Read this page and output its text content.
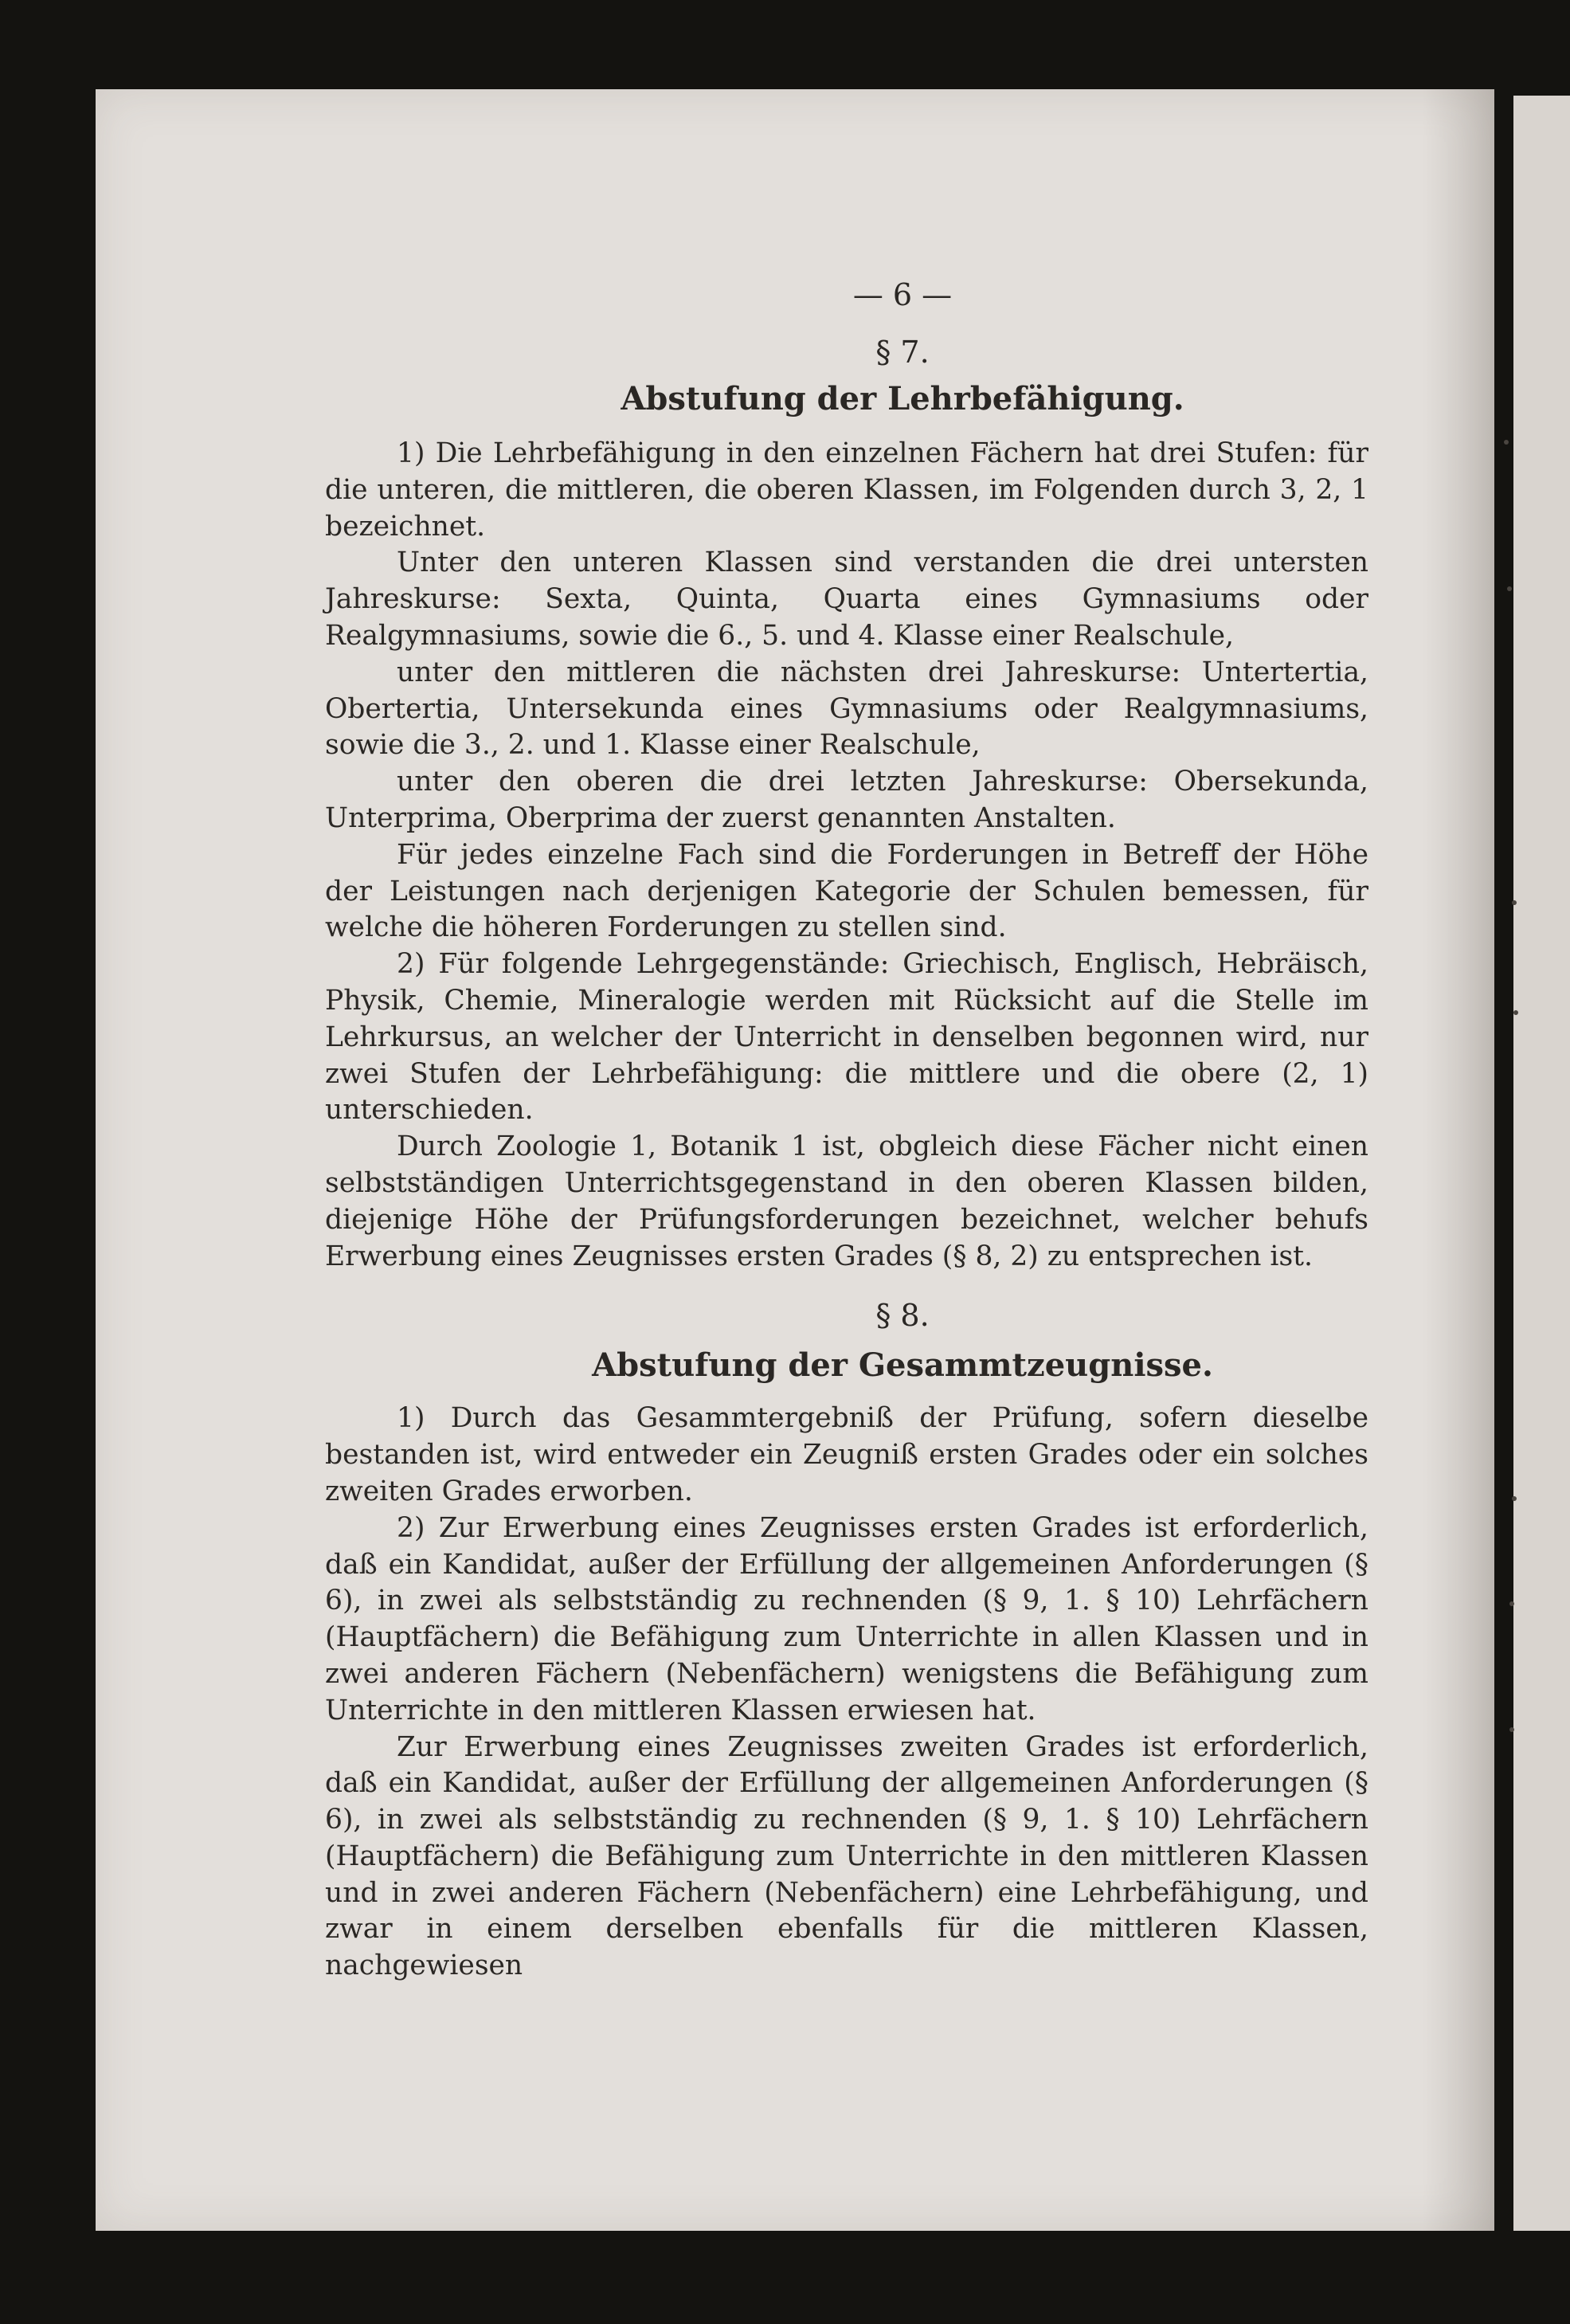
— 6 —
§ 7.
Abstufung der Lehrbefähigung.

1) Die Lehrbefähigung in den einzelnen Fächern hat drei Stufen: für die unteren, die mittleren, die oberen Klassen, im Folgenden durch 3, 2, 1 bezeichnet.

Unter den unteren Klassen sind verstanden die drei untersten Jahreskurse: Sexta, Quinta, Quarta eines Gymnasiums oder Realgymnasiums, sowie die 6., 5. und 4. Klasse einer Realschule,

unter den mittleren die nächsten drei Jahreskurse: Untertertia, Obertertia, Untersekunda eines Gymnasiums oder Realgymnasiums, sowie die 3., 2. und 1. Klasse einer Realschule,

unter den oberen die drei letzten Jahreskurse: Obersekunda, Unterprima, Oberprima der zuerst genannten Anstalten.

Für jedes einzelne Fach sind die Forderungen in Betreff der Höhe der Leistungen nach derjenigen Kategorie der Schulen bemessen, für welche die höheren Forderungen zu stellen sind.

2) Für folgende Lehrgegenstände: Griechisch, Englisch, Hebräisch, Physik, Chemie, Mineralogie werden mit Rücksicht auf die Stelle im Lehrkursus, an welcher der Unterricht in denselben begonnen wird, nur zwei Stufen der Lehrbefähigung: die mittlere und die obere (2, 1) unterschieden.

Durch Zoologie 1, Botanik 1 ist, obgleich diese Fächer nicht einen selbstständigen Unterrichtsgegenstand in den oberen Klassen bilden, diejenige Höhe der Prüfungsforderungen bezeichnet, welcher behufs Erwerbung eines Zeugnisses ersten Grades (§ 8, 2) zu entsprechen ist.

§ 8.
Abstufung der Gesammtzeugnisse.

1) Durch das Gesammtergebniß der Prüfung, sofern dieselbe bestanden ist, wird entweder ein Zeugniß ersten Grades oder ein solches zweiten Grades erworben.

2) Zur Erwerbung eines Zeugnisses ersten Grades ist erforderlich, daß ein Kandidat, außer der Erfüllung der allgemeinen Anforderungen (§ 6), in zwei als selbstständig zu rechnenden (§ 9, 1. § 10) Lehrfächern (Hauptfächern) die Befähigung zum Unterrichte in allen Klassen und in zwei anderen Fächern (Nebenfächern) wenigstens die Befähigung zum Unterrichte in den mittleren Klassen erwiesen hat.

Zur Erwerbung eines Zeugnisses zweiten Grades ist erforderlich, daß ein Kandidat, außer der Erfüllung der allgemeinen Anforderungen (§ 6), in zwei als selbstständig zu rechnenden (§ 9, 1. § 10) Lehrfächern (Hauptfächern) die Befähigung zum Unterrichte in den mittleren Klassen und in zwei anderen Fächern (Nebenfächern) eine Lehrbefähigung, und zwar in einem derselben ebenfalls für die mittleren Klassen, nachgewiesen
